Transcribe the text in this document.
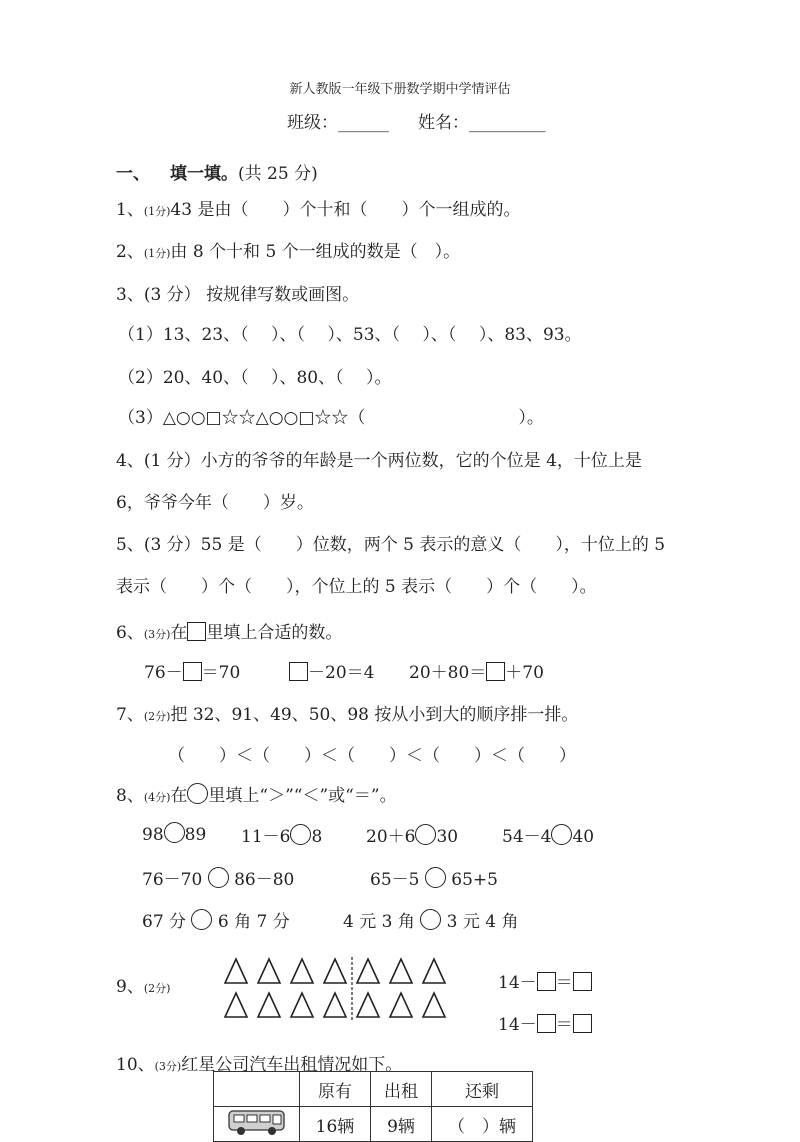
新人教版一年级下册数学期中学情评估
班级：______ 姓名：_________
一、 填一填。(共 25 分)
1、(1分)43 是由（　　）个十和（　　）个一组成的。
2、(1分)由 8 个十和 5 个一组成的数是（　）。
3、(3 分） 按规律写数或画图。
（1）13、23、（　 ）、（　 ）、53、（　 ）、（　 ）、83、93。
（2）20、40、（　 ）、80、（　 ）。
（3）△○○□☆☆△○○□☆☆（　　　　　　　　　）。
4、(1 分）小方的爷爷的年龄是一个两位数，它的个位是 4，十位上是
6，爷爷今年（　　）岁。
5、(3 分）55 是（　　）位数，两个 5 表示的意义（　　），十位上的 5
表示（　　）个（　　），个位上的 5 表示（　　）个（　　）。
6、(3分)在 里填上合适的数。
76－ ＝70	－20＝4 20＋80＝ ＋70
7、(2分)把 32、91、49、50、98 按从小到大的顺序排一排。
（　　）＜（　　）＜（　　）＜（　　）＜（　　）
8、(4分)在 里填上“＞”“＜”或“＝”。
98 89 11－6 8	20＋6 30	54－4 40
76－70 86－80	65－5 65+5
67 分 6 角 7 分	4 元 3 角 3 元 4 角
9、(2分)	14－ ＝
14－ ＝
10、(3分)红星公司汽车出租情况如下。
	原有	出租	还剩
	16辆	9辆	（　）辆
